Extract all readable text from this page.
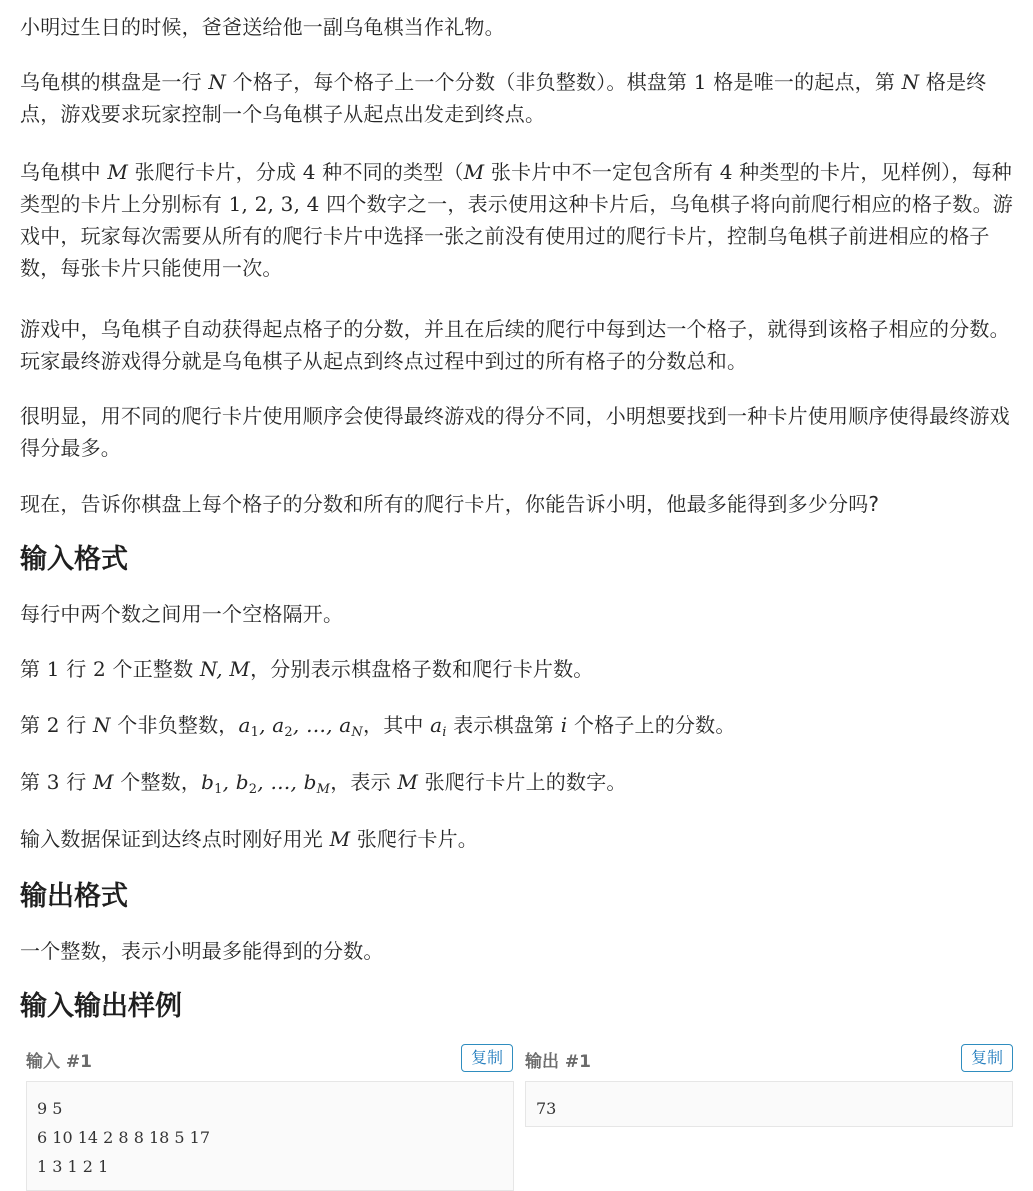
小明过生日的时候，爸爸送给他一副乌龟棋当作礼物。

乌龟棋的棋盘是一行 N 个格子，每个格子上一个分数（非负整数）。棋盘第 1 格是唯一的起点，第 N 格是终点，游戏要求玩家控制一个乌龟棋子从起点出发走到终点。

乌龟棋中 M 张爬行卡片，分成 4 种不同的类型（M 张卡片中不一定包含所有 4 种类型的卡片，见样例），每种类型的卡片上分别标有 1, 2, 3, 4 四个数字之一，表示使用这种卡片后，乌龟棋子将向前爬行相应的格子数。游戏中，玩家每次需要从所有的爬行卡片中选择一张之前没有使用过的爬行卡片，控制乌龟棋子前进相应的格子数，每张卡片只能使用一次。

游戏中，乌龟棋子自动获得起点格子的分数，并且在后续的爬行中每到达一个格子，就得到该格子相应的分数。玩家最终游戏得分就是乌龟棋子从起点到终点过程中到过的所有格子的分数总和。

很明显，用不同的爬行卡片使用顺序会使得最终游戏的得分不同，小明想要找到一种卡片使用顺序使得最终游戏得分最多。

现在，告诉你棋盘上每个格子的分数和所有的爬行卡片，你能告诉小明，他最多能得到多少分吗?

输入格式

每行中两个数之间用一个空格隔开。

第 1 行 2 个正整数 N, M，分别表示棋盘格子数和爬行卡片数。

第 2 行 N 个非负整数，$a_1$, $a_2$, …, $a_N$，其中 $a_i$ 表示棋盘第 i 个格子上的分数。

第 3 行 M 个整数，$b_1$, $b_2$, …, $b_M$，表示 M 张爬行卡片上的数字。

输入数据保证到达终点时刚好用光 M 张爬行卡片。

输出格式

一个整数，表示小明最多能得到的分数。

输入输出样例
输入 #1	复制
9 5
6 10 14 2 8 8 18 5 17
1 3 1 2 1
输出 #1	复制
73
